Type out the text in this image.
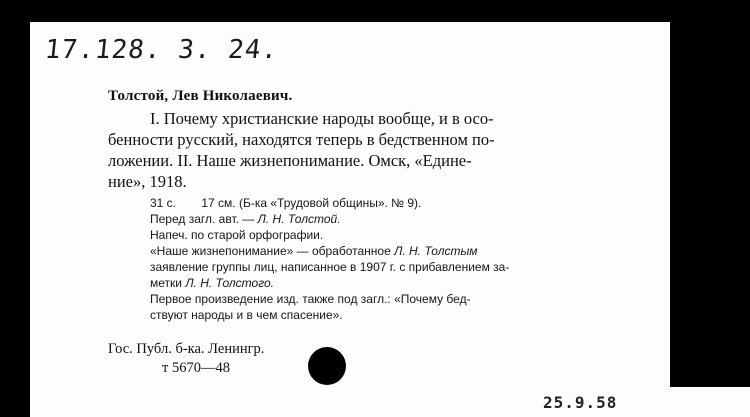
17.128. 3. 24.
Толстой, Лев Николаевич.
I. Почему христианские народы вообще, и в осо-
бенности русский, находятся теперь в бедственном по-
ложении. II. Наше жизнепонимание. Омск, «Едине-
ние», 1918.
31 с. 17 см. (Б-ка «Трудовой общины». № 9).
Перед загл. авт. — Л. Н. Толстой.
Напеч. по старой орфографии.
«Наше жизнепонимание» — обработанное Л. Н. Толстым
заявление группы лиц, написанное в 1907 г. с прибавлением за-
метки Л. Н. Толстого.
Первое произведение изд. также под загл.: «Почему бед-
ствуют народы и в чем спасение».
Гос. Публ. б-ка. Ленингр.
т 5670—48
25.9.58
